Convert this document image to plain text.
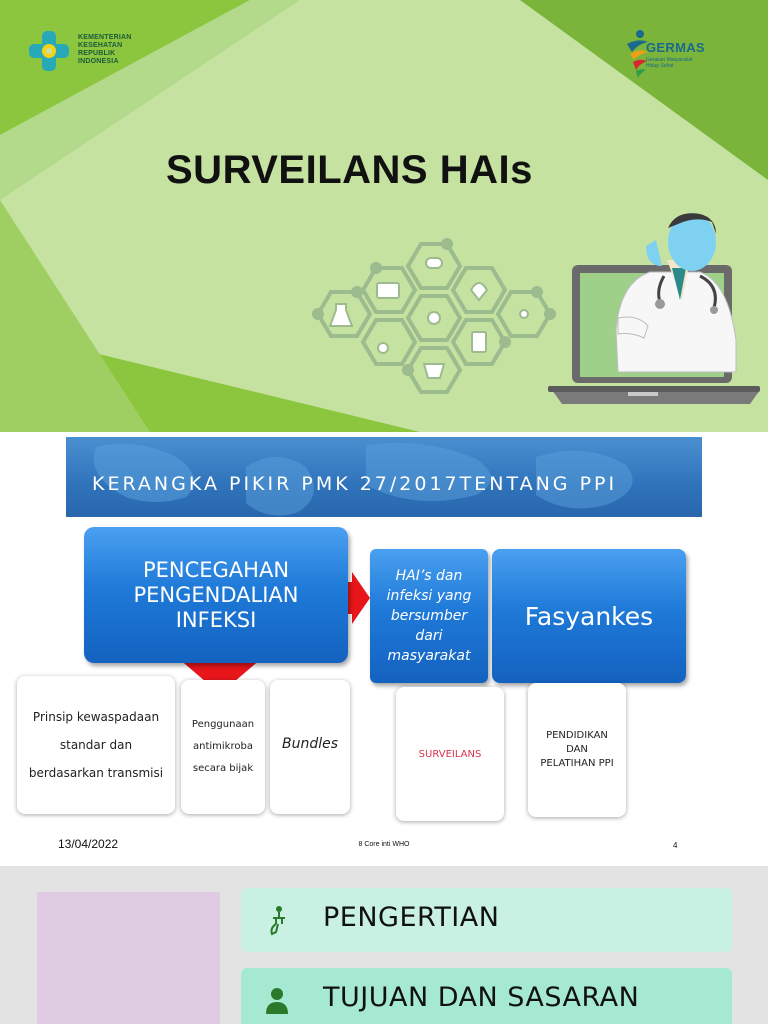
KEMENTERIAN
KESEHATAN
REPUBLIK
INDONESIA
GERMAS
Gerakan Masyarakat Hidup Sehat
SURVEILANS HAIs
KERANGKA PIKIR PMK 27/2017TENTANG PPI
PENCEGAHAN
PENGENDALIAN
INFEKSI
HAI’s dan
infeksi yang
bersumber
dari
masyarakat
Fasyankes
Prinsip kewaspadaan
standar dan
berdasarkan transmisi
Penggunaan
antimikroba
secara bijak
Bundles
SURVEILANS
PENDIDIKAN
DAN
PELATIHAN PPI
13/04/2022	8 Core inti WHO	4
PENGERTIAN
TUJUAN DAN SASARAN
